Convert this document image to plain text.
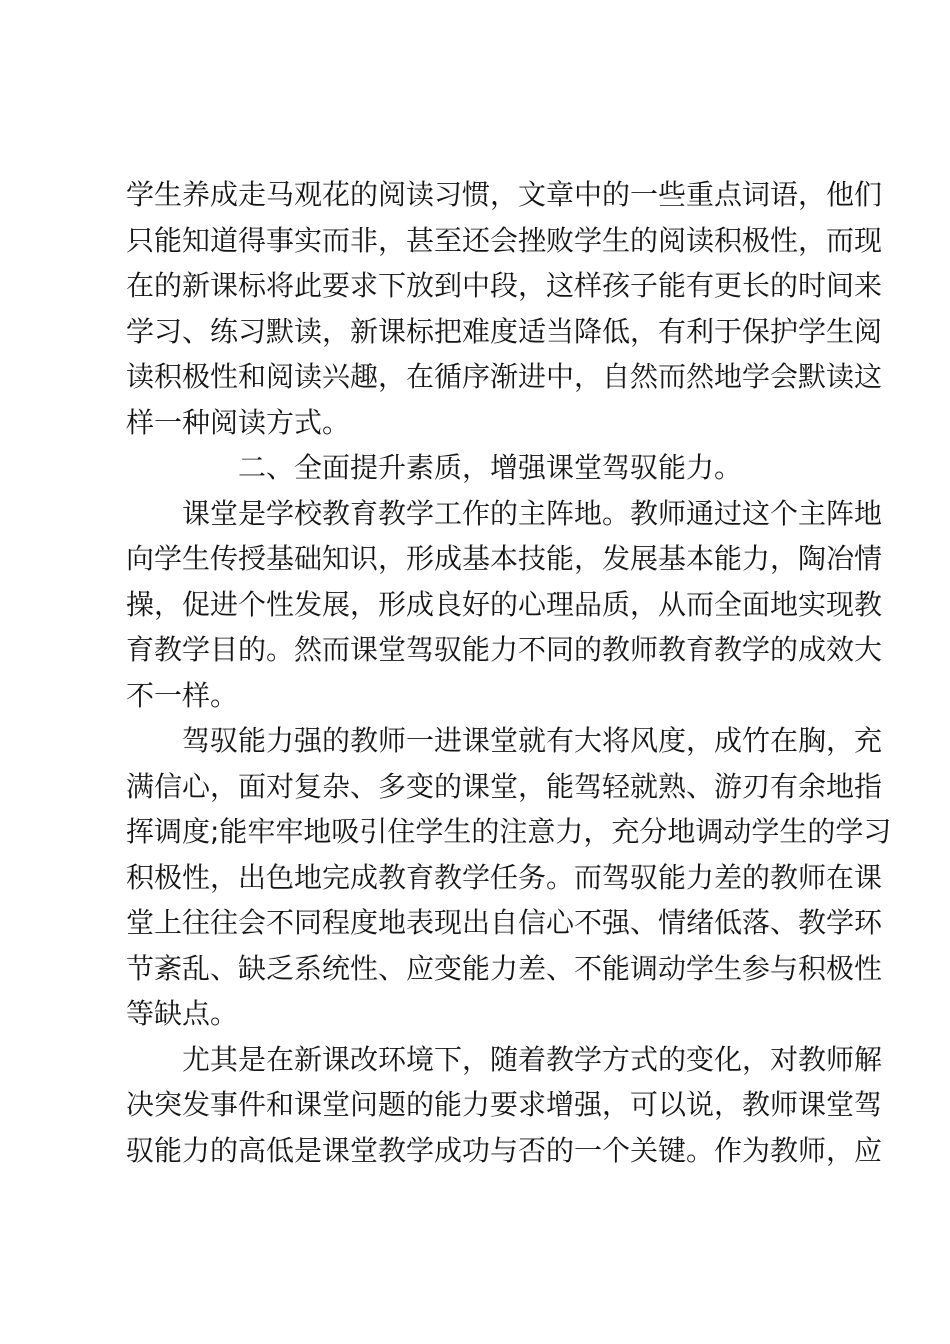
学生养成走马观花的阅读习惯，文章中的一些重点词语，他们
只能知道得事实而非，甚至还会挫败学生的阅读积极性，而现
在的新课标将此要求下放到中段，这样孩子能有更长的时间来
学习、练习默读，新课标把难度适当降低，有利于保护学生阅
读积极性和阅读兴趣，在循序渐进中，自然而然地学会默读这
样一种阅读方式。
二、全面提升素质，增强课堂驾驭能力。
课堂是学校教育教学工作的主阵地。教师通过这个主阵地
向学生传授基础知识，形成基本技能，发展基本能力，陶冶情
操，促进个性发展，形成良好的心理品质，从而全面地实现教
育教学目的。然而课堂驾驭能力不同的教师教育教学的成效大
不一样。
驾驭能力强的教师一进课堂就有大将风度，成竹在胸，充
满信心，面对复杂、多变的课堂，能驾轻就熟、游刃有余地指
挥调度;能牢牢地吸引住学生的注意力，充分地调动学生的学习
积极性，出色地完成教育教学任务。而驾驭能力差的教师在课
堂上往往会不同程度地表现出自信心不强、情绪低落、教学环
节紊乱、缺乏系统性、应变能力差、不能调动学生参与积极性
等缺点。
尤其是在新课改环境下，随着教学方式的变化，对教师解
决突发事件和课堂问题的能力要求增强，可以说，教师课堂驾
驭能力的高低是课堂教学成功与否的一个关键。作为教师，应
